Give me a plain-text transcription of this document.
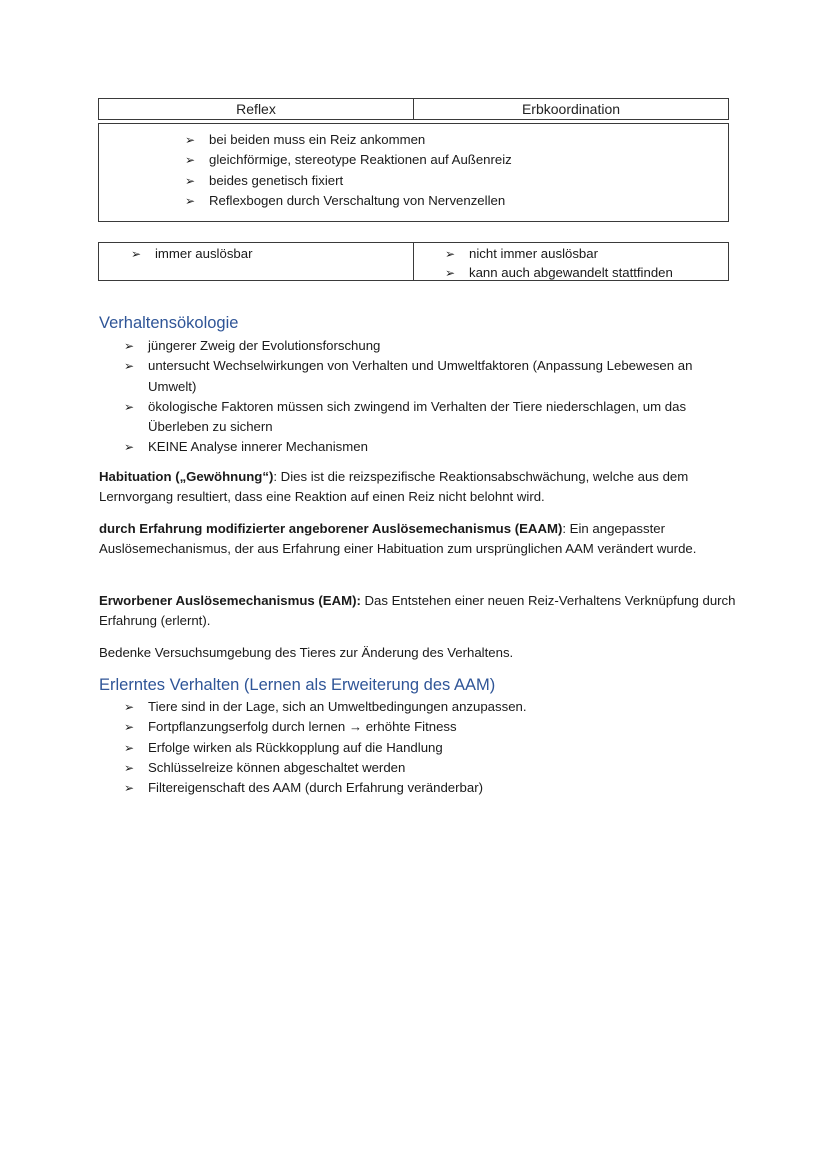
Reflex	Erbkoordination
➢ bei beiden muss ein Reiz ankommen
➢ gleichförmige, stereotype Reaktionen auf Außenreiz
➢ beides genetisch fixiert
➢ Reflexbogen durch Verschaltung von Nervenzellen
➢ immer auslösbar	➢ nicht immer auslösbar
➢ kann auch abgewandelt stattfinden
Verhaltensökologie
➢ jüngerer Zweig der Evolutionsforschung
➢ untersucht Wechselwirkungen von Verhalten und Umweltfaktoren (Anpassung Lebewesen an Umwelt)
➢ ökologische Faktoren müssen sich zwingend im Verhalten der Tiere niederschlagen, um das Überleben zu sichern
➢ KEINE Analyse innerer Mechanismen

Habituation („Gewöhnung“): Dies ist die reizspezifische Reaktionsabschwächung, welche aus dem Lernvorgang resultiert, dass eine Reaktion auf einen Reiz nicht belohnt wird.

durch Erfahrung modifizierter angeborener Auslösemechanismus (EAAM): Ein angepasster Auslösemechanismus, der aus Erfahrung einer Habituation zum ursprünglichen AAM verändert wurde.

Erworbener Auslösemechanismus (EAM): Das Entstehen einer neuen Reiz-Verhaltens Verknüpfung durch Erfahrung (erlernt).

Bedenke Versuchsumgebung des Tieres zur Änderung des Verhaltens.

Erlerntes Verhalten (Lernen als Erweiterung des AAM)
➢ Tiere sind in der Lage, sich an Umweltbedingungen anzupassen.
➢ Fortpflanzungserfolg durch lernen → erhöhte Fitness
➢ Erfolge wirken als Rückkopplung auf die Handlung
➢ Schlüsselreize können abgeschaltet werden
➢ Filtereigenschaft des AAM (durch Erfahrung veränderbar)
